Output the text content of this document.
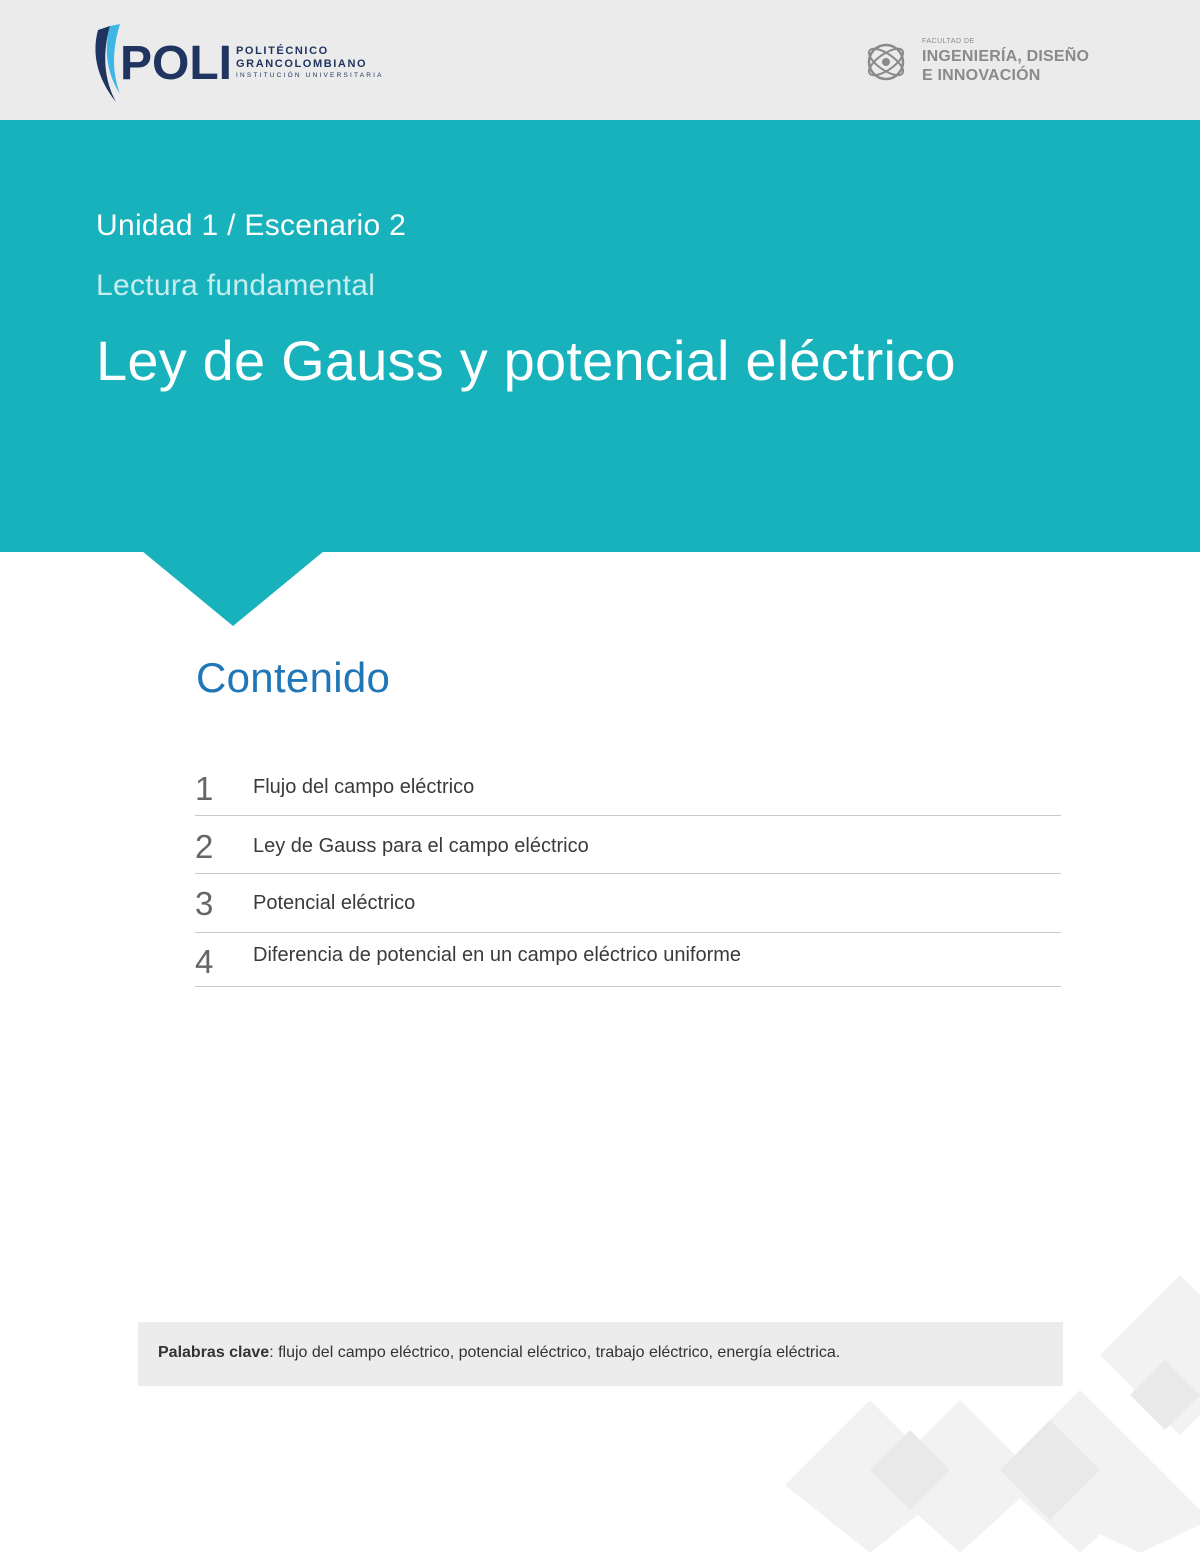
POLI POLITÉCNICO
GRANCOLOMBIANO
INSTITUCIÓN UNIVERSITARIA
FACULTAD DE
INGENIERÍA, DISEÑO
E INNOVACIÓN
Unidad 1 / Escenario 2
Lectura fundamental
Ley de Gauss y potencial eléctrico
Contenido
1 Flujo del campo eléctrico
2 Ley de Gauss para el campo eléctrico
3 Potencial eléctrico
4 Diferencia de potencial en un campo eléctrico uniforme
Palabras clave: flujo del campo eléctrico, potencial eléctrico, trabajo eléctrico, energía eléctrica.
